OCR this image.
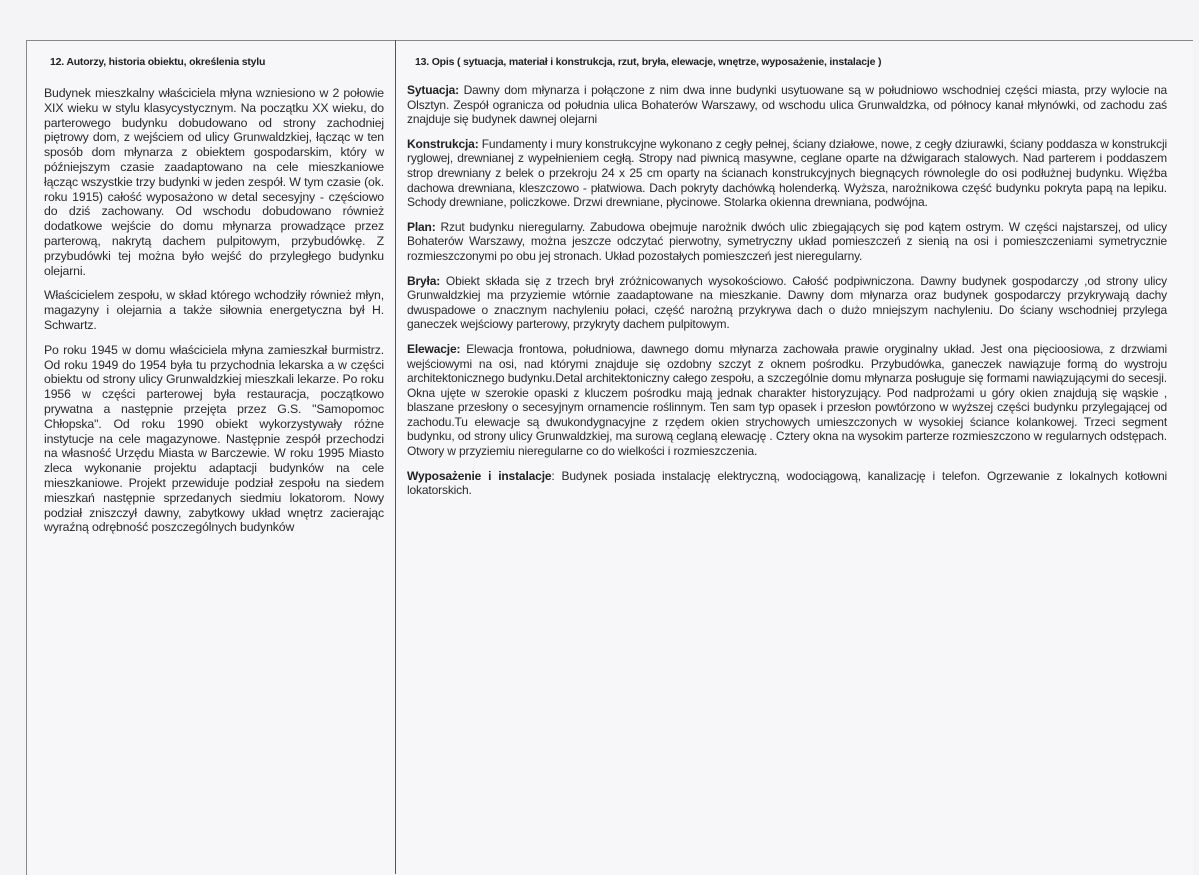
12. Autorzy, historia obiektu, określenia stylu

Budynek mieszkalny właściciela młyna wzniesiono w 2 połowie XIX wieku w stylu klasycystycznym. Na początku XX wieku, do parterowego budynku dobudowano od strony zachodniej piętrowy dom, z wejściem od ulicy Grunwaldzkiej, łącząc w ten sposób dom młynarza z obiektem gospodarskim, który w późniejszym czasie zaadaptowano na cele mieszkaniowe łącząc wszystkie trzy budynki w jeden zespół. W tym czasie (ok. roku 1915) całość wyposażono w detal secesyjny - częściowo do dziś zachowany. Od wschodu dobudowano również dodatkowe wejście do domu młynarza prowadzące przez parterową, nakrytą dachem pulpitowym, przybudówkę. Z przybudówki tej można było wejść do przyległego budynku olejarni.

Właścicielem zespołu, w skład którego wchodziły również młyn, magazyny i olejarnia a także siłownia energetyczna był H. Schwartz.

Po roku 1945 w domu właściciela młyna zamieszkał burmistrz. Od roku 1949 do 1954 była tu przychodnia lekarska a w części obiektu od strony ulicy Grunwaldzkiej mieszkali lekarze. Po roku 1956 w części parterowej była restauracja, początkowo prywatna a następnie przejęta przez G.S. "Samopomoc Chłopska". Od roku 1990 obiekt wykorzystywały różne instytucje na cele magazynowe. Następnie zespół przechodzi na własność Urzędu Miasta w Barczewie. W roku 1995 Miasto zleca wykonanie projektu adaptacji budynków na cele mieszkaniowe. Projekt przewiduje podział zespołu na siedem mieszkań następnie sprzedanych siedmiu lokatorom. Nowy podział zniszczył dawny, zabytkowy układ wnętrz zacierając wyraźną odrębność poszczególnych budynków

13. Opis ( sytuacja, materiał i konstrukcja, rzut, bryła, elewacje, wnętrze, wyposażenie, instalacje )

Sytuacja: Dawny dom młynarza i połączone z nim dwa inne budynki usytuowane są w południowo wschodniej części miasta, przy wylocie na Olsztyn. Zespół ogranicza od południa ulica Bohaterów Warszawy, od wschodu ulica Grunwaldzka, od północy kanał młynówki, od zachodu zaś znajduje się budynek dawnej olejarni

Konstrukcja: Fundamenty i mury konstrukcyjne wykonano z cegły pełnej, ściany działowe, nowe, z cegły dziurawki, ściany poddasza w konstrukcji ryglowej, drewnianej z wypełnieniem cegłą. Stropy nad piwnicą masywne, ceglane oparte na dźwigarach stalowych. Nad parterem i poddaszem strop drewniany z belek o przekroju 24 x 25 cm oparty na ścianach konstrukcyjnych biegnących równolegle do osi podłużnej budynku. Więźba dachowa drewniana, kleszczowo - płatwiowa. Dach pokryty dachówką holenderką. Wyższa, narożnikowa część budynku pokryta papą na lepiku. Schody drewniane, policzkowe. Drzwi drewniane, płycinowe. Stolarka okienna drewniana, podwójna.

Plan: Rzut budynku nieregularny. Zabudowa obejmuje narożnik dwóch ulic zbiegających się pod kątem ostrym. W części najstarszej, od ulicy Bohaterów Warszawy, można jeszcze odczytać pierwotny, symetryczny układ pomieszczeń z sienią na osi i pomieszczeniami symetrycznie rozmieszczonymi po obu jej stronach. Układ pozostałych pomieszczeń jest nieregularny.

Bryła: Obiekt składa się z trzech brył zróżnicowanych wysokościowo. Całość podpiwniczona. Dawny budynek gospodarczy ,od strony ulicy Grunwaldzkiej ma przyziemie wtórnie zaadaptowane na mieszkanie. Dawny dom młynarza oraz budynek gospodarczy przykrywają dachy dwuspadowe o znacznym nachyleniu połaci, część narożną przykrywa dach o dużo mniejszym nachyleniu. Do ściany wschodniej przylega ganeczek wejściowy parterowy, przykryty dachem pulpitowym.

Elewacje: Elewacja frontowa, południowa, dawnego domu młynarza zachowała prawie oryginalny układ. Jest ona pięcioosiowa, z drzwiami wejściowymi na osi, nad którymi znajduje się ozdobny szczyt z oknem pośrodku. Przybudówka, ganeczek nawiązuje formą do wystroju architektonicznego budynku.Detal architektoniczny całego zespołu, a szczególnie domu młynarza posługuje się formami nawiązującymi do secesji. Okna ujęte w szerokie opaski z kluczem pośrodku mają jednak charakter historyzujący. Pod nadprożami u góry okien znajdują się wąskie , blaszane przesłony o secesyjnym ornamencie roślinnym. Ten sam typ opasek i przesłon powtórzono w wyższej części budynku przylegającej od zachodu.Tu elewacje są dwukondygnacyjne z rzędem okien strychowych umieszczonych w wysokiej ściance kolankowej. Trzeci segment budynku, od strony ulicy Grunwaldzkiej, ma surową ceglaną elewację . Cztery okna na wysokim parterze rozmieszczono w regularnych odstępach. Otwory w przyziemiu nieregularne co do wielkości i rozmieszczenia.

Wyposażenie i instalacje: Budynek posiada instalację elektryczną, wodociągową, kanalizację i telefon. Ogrzewanie z lokalnych kotłowni lokatorskich.
